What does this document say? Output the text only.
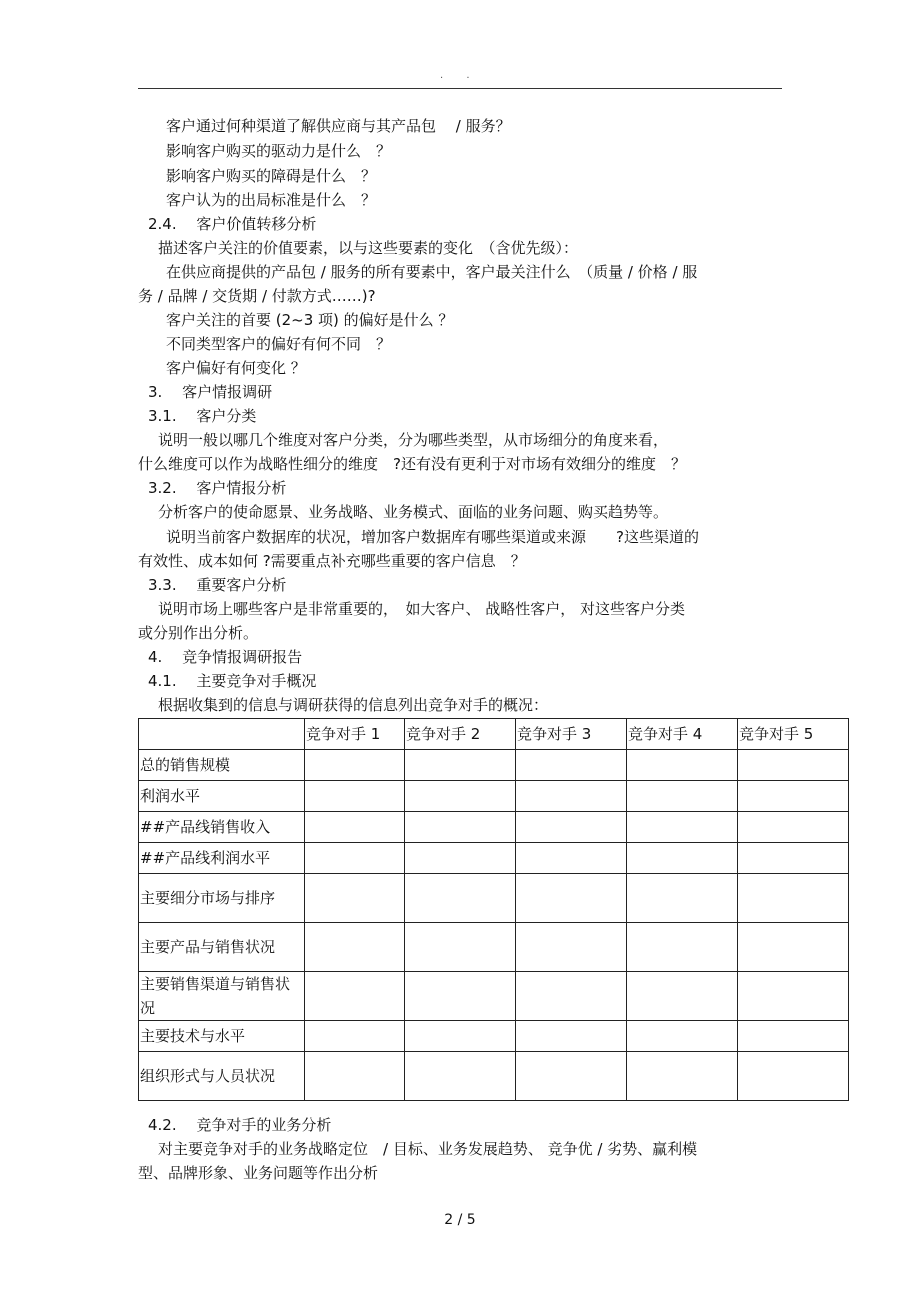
. .
客户通过何种渠道了解供应商与其产品包　 / 服务？
影响客户购买的驱动力是什么　？
影响客户购买的障碍是什么　？
客户认为的出局标准是什么　？
2.4.　 客户价值转移分析
描述客户关注的价值要素，以与这些要素的变化　（含优先级）：
在供应商提供的产品包 / 服务的所有要素中，客户最关注什么　（质量 / 价格 / 服
务 / 品牌 / 交货期 / 付款方式……)?
客户关注的首要 (2~3 项) 的偏好是什么 ？
不同类型客户的偏好有何不同　？
客户偏好有何变化 ？
3.　 客户情报调研
3.1.　 客户分类
说明一般以哪几个维度对客户分类，分为哪些类型，从市场细分的角度来看，
什么维度可以作为战略性细分的维度　?还有没有更利于对市场有效细分的维度　？
3.2.　 客户情报分析
分析客户的使命愿景、业务战略、业务模式、面临的业务问题、购买趋势等。
说明当前客户数据库的状况，增加客户数据库有哪些渠道或来源　　?这些渠道的
有效性、成本如何 ?需要重点补充哪些重要的客户信息　？
3.3.　 重要客户分析
说明市场上哪些客户是非常重要的，　如大客户、 战略性客户， 对这些客户分类
或分别作出分析。
4.　 竞争情报调研报告
4.1.　 主要竞争对手概况
根据收集到的信息与调研获得的信息列出竞争对手的概况：
	竞争对手 1	竞争对手 2	竞争对手 3	竞争对手 4	竞争对手 5
总的销售规模					
利润水平					
##产品线销售收入					
##产品线利润水平					
主要细分市场与排序					
主要产品与销售状况					
主要销售渠道与销售状况					
主要技术与水平					
组织形式与人员状况					
4.2.　 竞争对手的业务分析
对主要竞争对手的业务战略定位　/ 目标、业务发展趋势、 竞争优 / 劣势、赢利模
型、品牌形象、业务问题等作出分析
2 / 5
